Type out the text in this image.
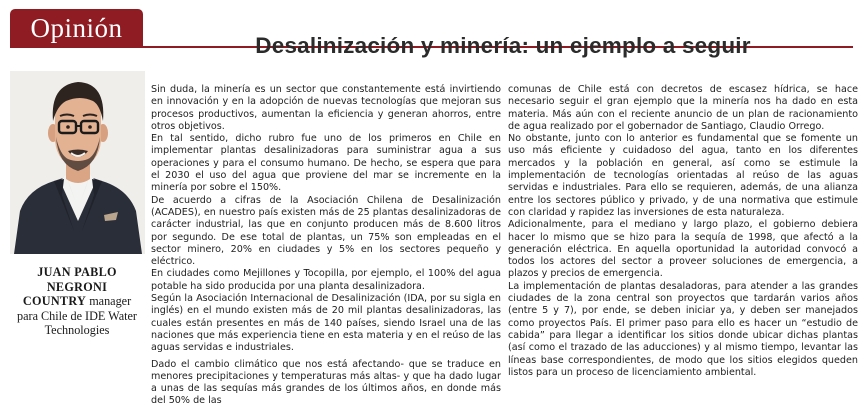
Opinión
Desalinización y minería: un ejemplo a seguir
JUAN PABLO
NEGRONI
COUNTRY manager
para Chile de IDE Water Technologies

Sin duda, la minería es un sector que constantemente está invirtiendo en innovación y en la adopción de nuevas tecnologías que mejoran sus procesos productivos, aumentan la eficiencia y generan ahorros, entre otros objetivos.

En tal sentido, dicho rubro fue uno de los primeros en Chile en implementar plantas desalinizadoras para suministrar agua a sus operaciones y para el consumo humano. De hecho, se espera que para el 2030 el uso del agua que proviene del mar se incremente en la minería por sobre el 150%.

De acuerdo a cifras de la Asociación Chilena de Desalinización (ACADES), en nuestro país existen más de 25 plantas desalinizadoras de carácter industrial, las que en conjunto producen más de 8.600 litros por segundo. De ese total de plantas, un 75% son empleadas en el sector minero, 20% en ciudades y 5% en los sectores pequeño y eléctrico.

En ciudades como Mejillones y Tocopilla, por ejemplo, el 100% del agua potable ha sido producida por una planta desalinizadora.

Según la Asociación Internacional de Desalinización (IDA, por su sigla en inglés) en el mundo existen más de 20 mil plantas desalinizadoras, las cuales están presentes en más de 140 países, siendo Israel una de las naciones que más experiencia tiene en esta materia y en el reúso de las aguas servidas e industriales.

Dado el cambio climático que nos está afectando- que se traduce en menores precipitaciones y temperaturas más altas- y que ha dado lugar a unas de las sequías más grandes de los últimos años, en donde más del 50% de las

comunas de Chile está con decretos de escasez hídrica, se hace necesario seguir el gran ejemplo que la minería nos ha dado en esta materia. Más aún con el reciente anuncio de un plan de racionamiento de agua realizado por el gobernador de Santiago, Claudio Orrego.

No obstante, junto con lo anterior es fundamental que se fomente un uso más eficiente y cuidadoso del agua, tanto en los diferentes mercados y la población en general, así como se estimule la implementación de tecnologías orientadas al reúso de las aguas servidas e industriales. Para ello se requieren, además, de una alianza entre los sectores público y privado, y de una normativa que estimule con claridad y rapidez las inversiones de esta naturaleza.

Adicionalmente, para el mediano y largo plazo, el gobierno debiera hacer lo mismo que se hizo para la sequía de 1998, que afectó a la generación eléctrica. En aquella oportunidad la autoridad convocó a todos los actores del sector a proveer soluciones de emergencia, a plazos y precios de emergencia.

La implementación de plantas desaladoras, para atender a las grandes ciudades de la zona central son proyectos que tardarán varios años (entre 5 y 7), por ende, se deben iniciar ya, y deben ser manejados como proyectos País. El primer paso para ello es hacer un “estudio de cabida” para llegar a identificar los sitios donde ubicar dichas plantas (así como el trazado de las aducciones) y al mismo tiempo, levantar las líneas base correspondientes, de modo que los sitios elegidos queden listos para un proceso de licenciamiento ambiental.
